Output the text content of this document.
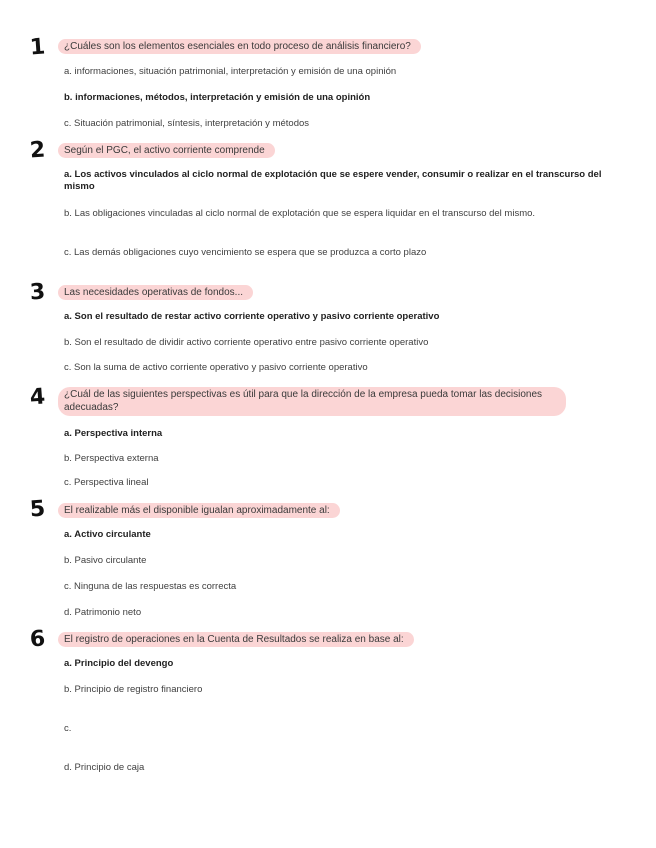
1	¿Cuáles son los elementos esenciales en todo proceso de análisis financiero?
a. informaciones, situación patrimonial, interpretación y emisión de una opinión
b. informaciones, métodos, interpretación y emisión de una opinión
c. Situación patrimonial, síntesis, interpretación y métodos
2	Según el PGC, el activo corriente comprende
a. Los activos vinculados al ciclo normal de explotación que se espere vender, consumir o realizar en el transcurso del mismo
b. Las obligaciones vinculadas al ciclo normal de explotación que se espera liquidar en el transcurso del mismo.
c. Las demás obligaciones cuyo vencimiento se espera que se produzca a corto plazo
3	Las necesidades operativas de fondos...
a. Son el resultado de restar activo corriente operativo y pasivo corriente operativo
b. Son el resultado de dividir activo corriente operativo entre pasivo corriente operativo
c. Son la suma de activo corriente operativo y pasivo corriente operativo
4	¿Cuál de las siguientes perspectivas es útil para que la dirección de la empresa pueda tomar las decisiones adecuadas?
a. Perspectiva interna
b. Perspectiva externa
c. Perspectiva lineal
5	El realizable más el disponible igualan aproximadamente al:
a. Activo circulante
b. Pasivo circulante
c. Ninguna de las respuestas es correcta
d. Patrimonio neto
6	El registro de operaciones en la Cuenta de Resultados se realiza en base al:
a. Principio del devengo
b. Principio de registro financiero
c.
d. Principio de caja
